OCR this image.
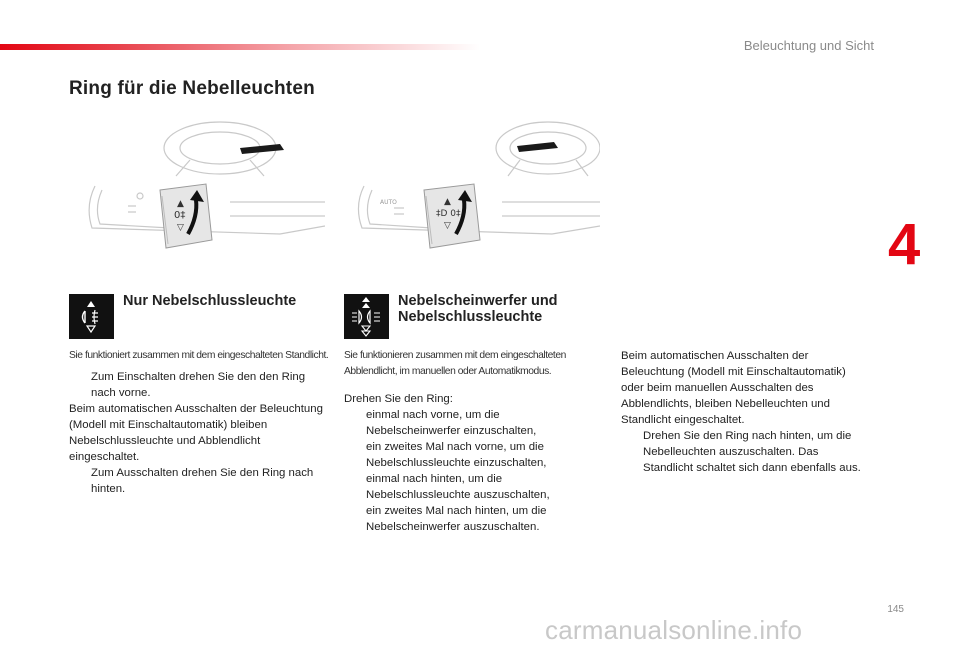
Beleuchtung und Sicht
4
Ring für die Nebelleuchten
▲
0‡
▽
AUTO	▲
‡D 0‡
▽
Nur Nebelschlussleuchte	Nebelscheinwerfer und
Nebelschlussleuchte
Sie funktioniert zusammen mit dem eingeschalteten Standlicht.	Sie funktionieren zusammen mit dem eingeschalteten Abblendlicht, im manuellen oder Automatikmodus.

Zum Einschalten drehen Sie den den Ring nach vorne.

Beim automatischen Ausschalten der Beleuchtung (Modell mit Einschaltautomatik) bleiben Nebelschlussleuchte und Abblendlicht eingeschaltet.

Zum Ausschalten drehen Sie den Ring nach hinten.

Drehen Sie den Ring:

einmal nach vorne, um die Nebelscheinwerfer einzuschalten,

ein zweites Mal nach vorne, um die Nebelschlussleuchte einzuschalten,

einmal nach hinten, um die Nebelschlussleuchte auszuschalten,

ein zweites Mal nach hinten, um die Nebelscheinwerfer auszuschalten.

Beim automatischen Ausschalten der Beleuchtung (Modell mit Einschaltautomatik) oder beim manuellen Ausschalten des Abblendlichts, bleiben Nebelleuchten und Standlicht eingeschaltet.

Drehen Sie den Ring nach hinten, um die Nebelleuchten auszuschalten. Das Standlicht schaltet sich dann ebenfalls aus.

145
carmanualsonline.info
